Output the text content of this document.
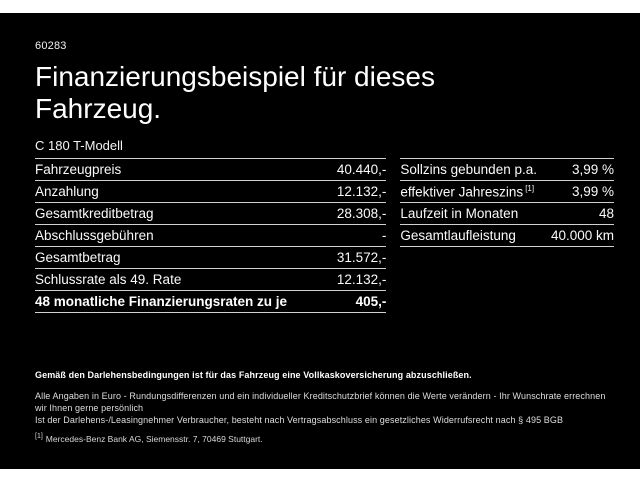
60283
Finanzierungsbeispiel für dieses
Fahrzeug.
C 180 T-Modell
Fahrzeugpreis	40.440,-
Anzahlung	12.132,-
Gesamtkreditbetrag	28.308,-
Abschlussgebühren	-
Gesamtbetrag	31.572,-
Schlussrate als 49. Rate	12.132,-
48 monatliche Finanzierungsraten zu je	405,-
Sollzins gebunden p.a.	3,99 %
effektiver Jahreszins [1]	3,99 %
Laufzeit in Monaten	48
Gesamtlaufleistung	40.000 km
Gemäß den Darlehensbedingungen ist für das Fahrzeug eine Vollkaskoversicherung abzuschließen.
Alle Angaben in Euro - Rundungsdifferenzen und ein individueller Kreditschutzbrief können die Werte verändern - Ihr Wunschrate errechnen wir Ihnen gerne persönlich
Ist der Darlehens-/Leasingnehmer Verbraucher, besteht nach Vertragsabschluss ein gesetzliches Widerrufsrecht nach § 495 BGB
[1] Mercedes-Benz Bank AG, Siemensstr. 7, 70469 Stuttgart.
